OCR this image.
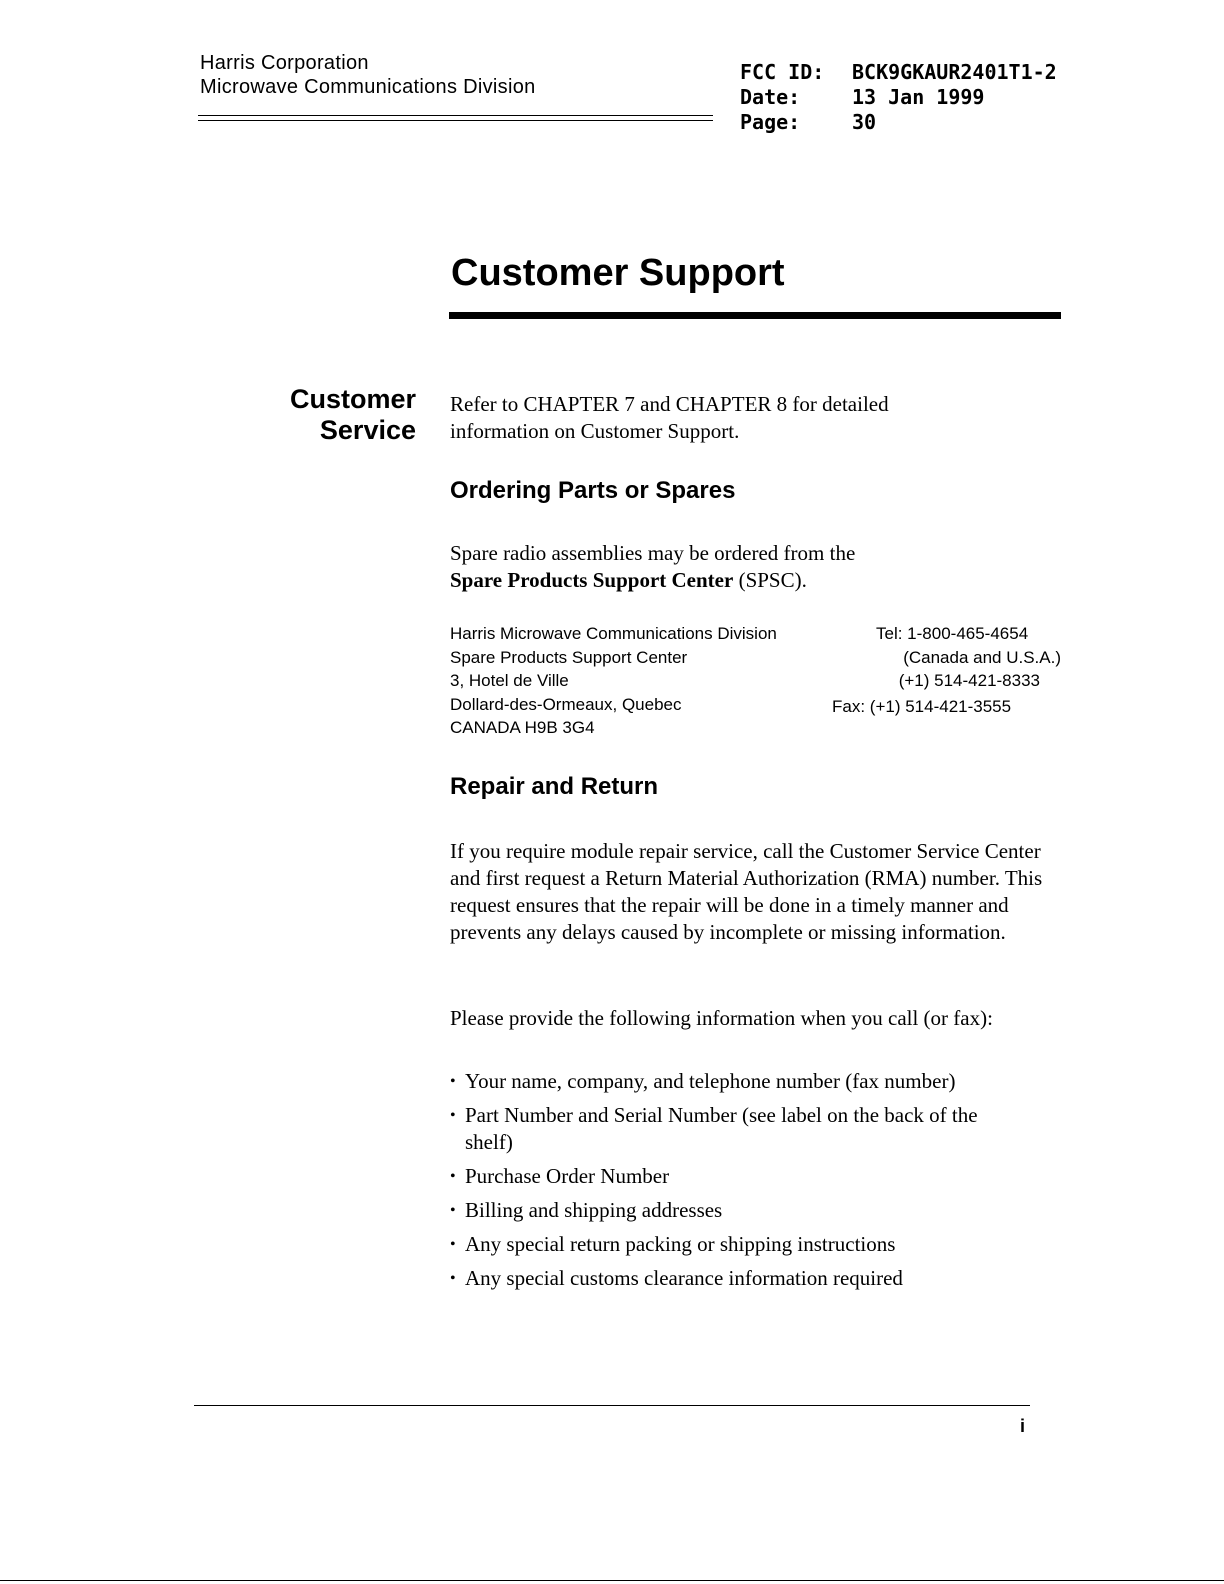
Harris Corporation
Microwave Communications Division
FCC ID:	BCK9GKAUR2401T1-2
Date:	13 Jan 1999
Page:	30
Customer Support
Customer
Service

Refer to CHAPTER 7 and CHAPTER 8 for detailed information on Customer Support.

Ordering Parts or Spares

Spare radio assemblies may be ordered from the
Spare Products Support Center (SPSC).

Harris Microwave Communications Division
Spare Products Support Center
3, Hotel de Ville
Dollard-des-Ormeaux, Quebec
CANADA H9B 3G4
Tel: 1-800-465-4654
(Canada and U.S.A.)
(+1) 514-421-8333
Fax: (+1) 514-421-3555
Repair and Return

If you require module repair service, call the Customer Service Center and first request a Return Material Authorization (RMA) number. This request ensures that the repair will be done in a timely manner and prevents any delays caused by incomplete or missing information.

Please provide the following information when you call (or fax):

• Your name, company, and telephone number (fax number)
• Part Number and Serial Number (see label on the back of the shelf)
• Purchase Order Number
• Billing and shipping addresses
• Any special return packing or shipping instructions
• Any special customs clearance information required
i
